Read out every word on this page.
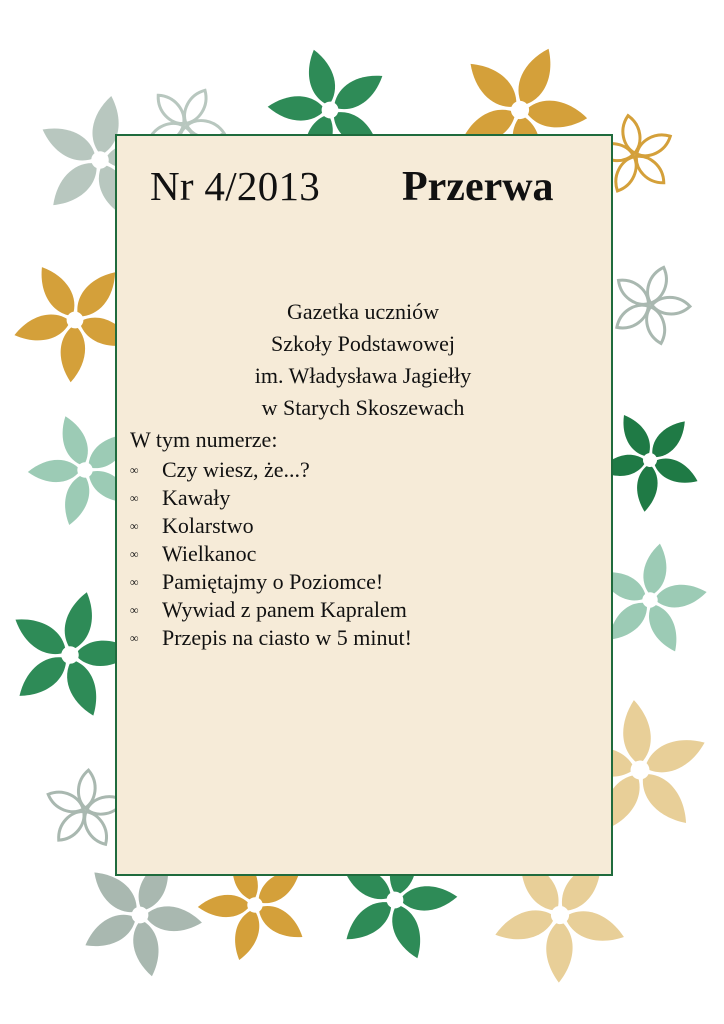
Nr 4/2013 Przerwa
Gazetka uczniów
Szkoły Podstawowej
im. Władysława Jagiełły
w Starych Skoszewach
W tym numerze:
∞ Czy wiesz, że...?
∞ Kawały
∞ Kolarstwo
∞ Wielkanoc
∞ Pamiętajmy o Poziomce!
∞ Wywiad z panem Kapralem
∞ Przepis na ciasto w 5 minut!
